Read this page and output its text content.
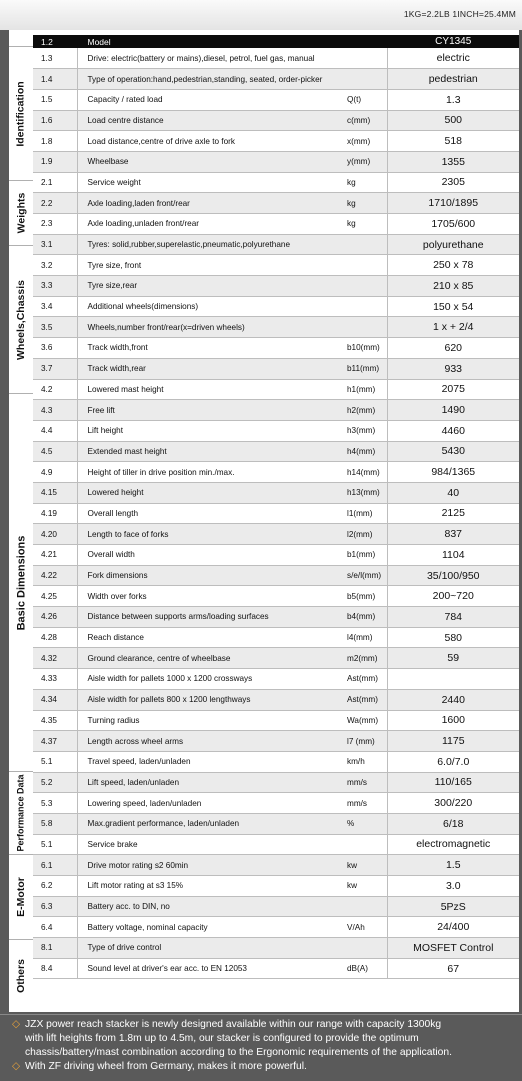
1KG=2.2LB 1INCH=25.4MM
Identification
Weights
Wheels,Chassis
Basic Dimensions
Performance Data
E-Motor
Others
1.2	Model		CY1345
1.3	Drive: electric(battery or mains),diesel, petrol, fuel gas, manual		electric
1.4	Type of operation:hand,pedestrian,standing, seated, order-picker		pedestrian
1.5	Capacity / rated load	Q(t)	1.3
1.6	Load centre distance	c(mm)	500
1.8	Load distance,centre of drive axle to fork	x(mm)	518
1.9	Wheelbase	y(mm)	1355
2.1	Service weight	kg	2305
2.2	Axle loading,laden front/rear	kg	1710/1895
2.3	Axle loading,unladen front/rear	kg	1705/600
3.1	Tyres: solid,rubber,superelastic,pneumatic,polyurethane		polyurethane
3.2	Tyre size, front		250 x 78
3.3	Tyre size,rear		210 x 85
3.4	Additional wheels(dimensions)		150 x 54
3.5	Wheels,number front/rear(x=driven wheels)		1 x + 2/4
3.6	Track width,front	b10(mm)	620
3.7	Track width,rear	b11(mm)	933
4.2	Lowered mast height	h1(mm)	2075
4.3	Free lift	h2(mm)	1490
4.4	Lift height	h3(mm)	4460
4.5	Extended mast height	h4(mm)	5430
4.9	Height of tiller in drive position min./max.	h14(mm)	984/1365
4.15	Lowered height	h13(mm)	40
4.19	Overall length	l1(mm)	2125
4.20	Length to face of forks	l2(mm)	837
4.21	Overall width	b1(mm)	1104
4.22	Fork dimensions	s/e/l(mm)	35/100/950
4.25	Width over forks	b5(mm)	200~720
4.26	Distance between supports arms/loading surfaces	b4(mm)	784
4.28	Reach distance	l4(mm)	580
4.32	Ground clearance, centre of wheelbase	m2(mm)	59
4.33	Aisle width for pallets 1000 x 1200 crossways	Ast(mm)	
4.34	Aisle width for pallets 800 x 1200 lengthways	Ast(mm)	2440
4.35	Turning radius	Wa(mm)	1600
4.37	Length across wheel arms	l7 (mm)	1175
5.1	Travel speed, laden/unladen	km/h	6.0/7.0
5.2	Lift speed, laden/unladen	mm/s	110/165
5.3	Lowering speed, laden/unladen	mm/s	300/220
5.8	Max.gradient performance, laden/unladen	%	6/18
5.1	Service brake		electromagnetic
6.1	Drive motor rating s2 60min	kw	1.5
6.2	Lift motor rating at s3 15%	kw	3.0
6.3	Battery acc. to DIN, no		5PzS
6.4	Battery voltage, nominal capacity	V/Ah	24/400
8.1	Type of drive control		MOSFET Control
8.4	Sound level at driver's ear acc. to EN 12053	dB(A)	67
◇ JZX power reach stacker is newly designed available within our range with capacity 1300kg
with lift heights from 1.8m up to 4.5m, our stacker is configured to provide the optimum
chassis/battery/mast combination according to the Ergonomic requirements of the application.
◇ With ZF driving wheel from Germany, makes it more powerful.
